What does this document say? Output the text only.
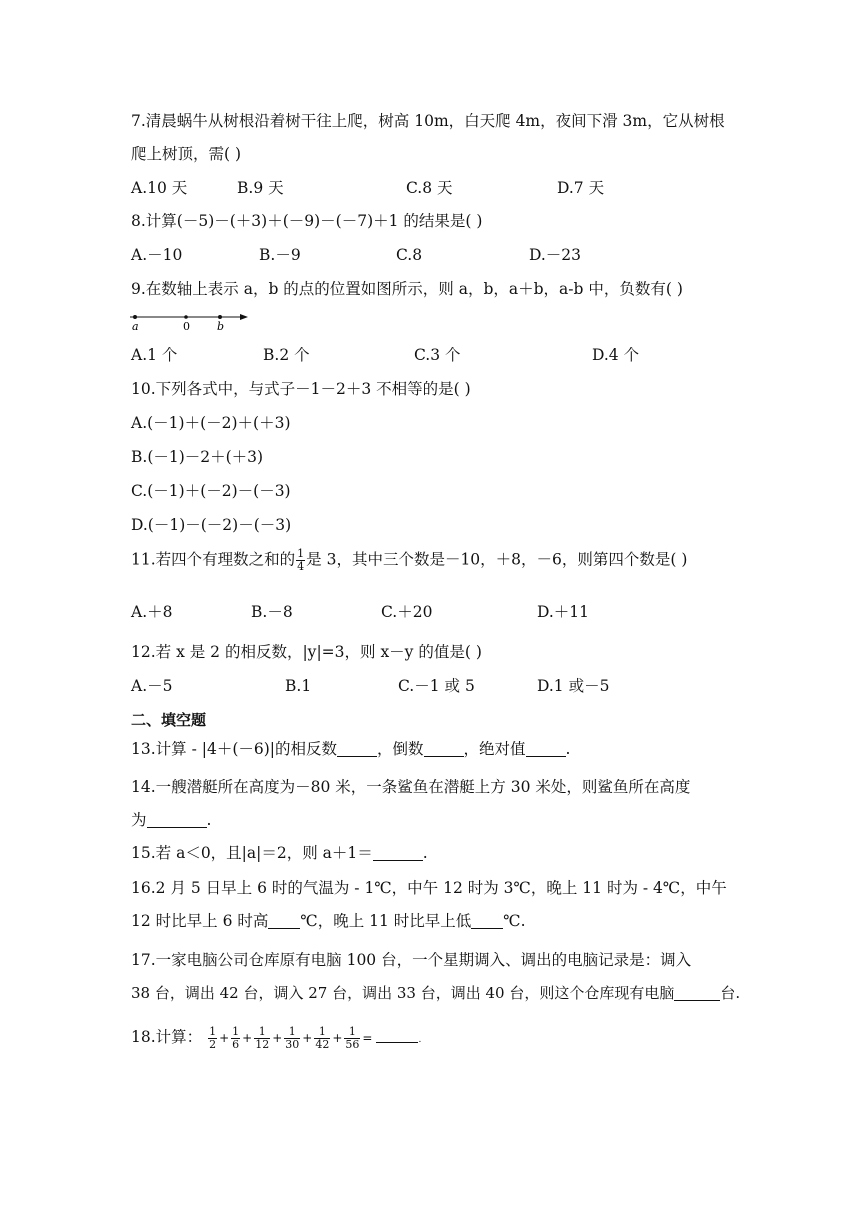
7.清晨蜗牛从树根沿着树干往上爬，树高 10m，白天爬 4m，夜间下滑 3m，它从树根
爬上树顶，需( )
A.10 天	B.9 天	C.8 天	D.7 天
8.计算(－5)－(＋3)＋(－9)－(－7)＋1 的结果是( )
A.－10	B.－9	C.8	D.－23
9.在数轴上表示 a，b 的点的位置如图所示，则 a，b，a＋b，a-b 中，负数有( )
a	0 b
A.1 个	B.2 个	C.3 个	D.4 个
10.下列各式中，与式子－1－2＋3 不相等的是( )
A.(－1)＋(－2)＋(＋3)
B.(－1)－2＋(＋3)
C.(－1)＋(－2)－(－3)
D.(－1)－(－2)－(－3)
11.若四个有理数之和的 $\frac{1}{4}$ 是 3，其中三个数是－10，＋8，－6，则第四个数是( )
A.＋8	B.－8	C.＋20	D.＋11
12.若 x 是 2 的相反数，|y|=3，则 x－y 的值是( )
A.－5	B.1	C.－1 或 5	D.1 或－5
二、填空题
13.计算 - |4＋(－6)|的相反数	，倒数	，绝对值	.
14.一艘潜艇所在高度为－80 米，一条鲨鱼在潜艇上方 30 米处，则鲨鱼所在高度
为	.
15.若 a＜0，且|a|＝2，则 a＋1＝	.
16.2 月 5 日早上 6 时的气温为 - 1℃，中午 12 时为 3℃，晚上 11 时为 - 4℃，中午
12 时比早上 6 时高 ℃，晚上 11 时比早上低 ℃.
17.一家电脑公司仓库原有电脑 100 台，一个星期调入、调出的电脑记录是：调入
38 台，调出 42 台，调入 27 台，调出 33 台，调出 40 台，则这个仓库现有电脑	台.
18.计算： $\frac{1}{2} + \frac{1}{6} + \frac{1}{12} + \frac{1}{30} + \frac{1}{42} + \frac{1}{56}$ =	.
